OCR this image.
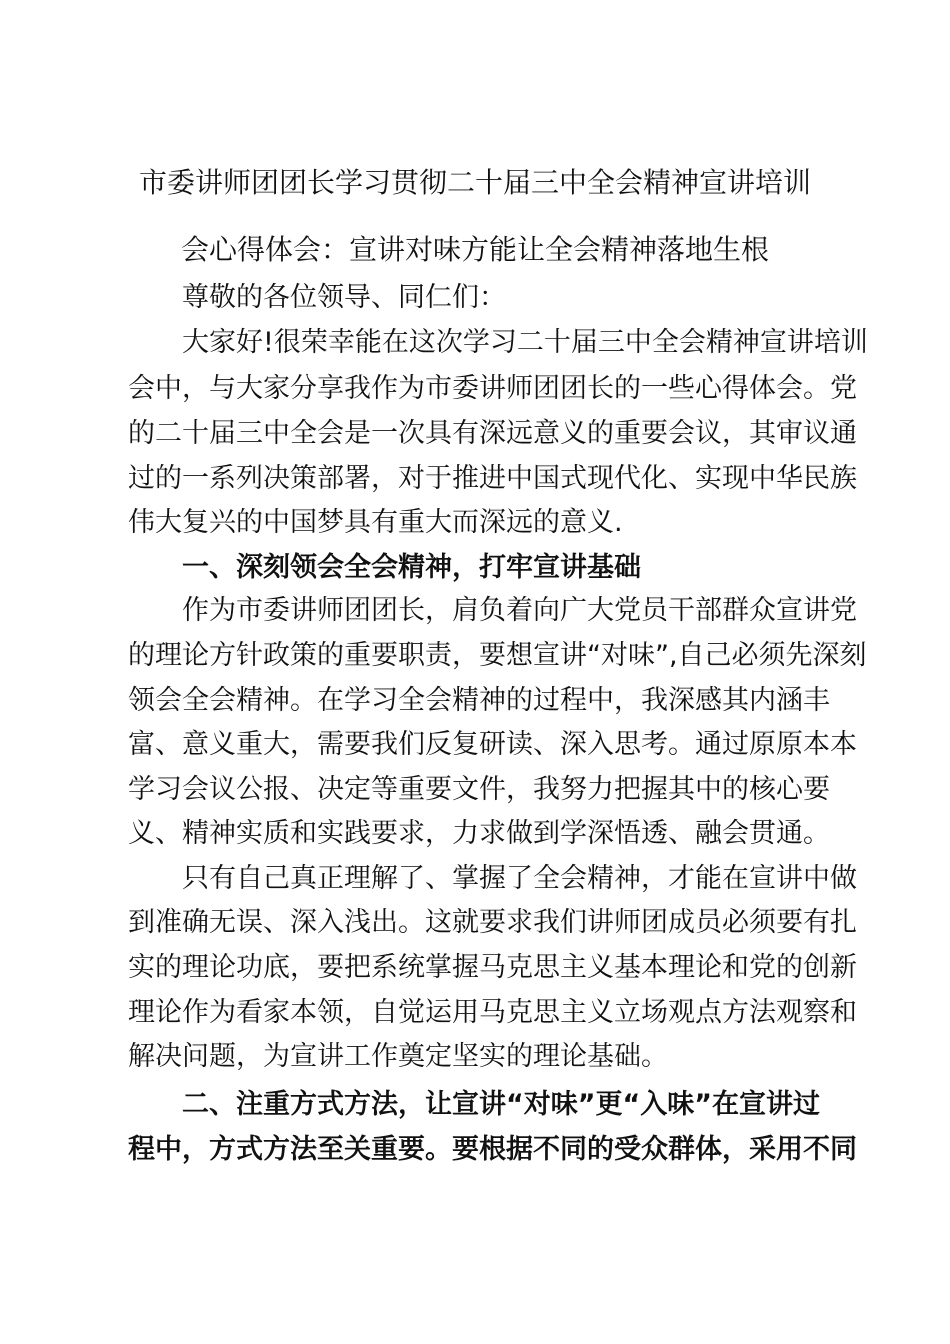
市委讲师团团长学习贯彻二十届三中全会精神宣讲培训
会心得体会：宣讲对味方能让全会精神落地生根
尊敬的各位领导、同仁们：
大家好!很荣幸能在这次学习二十届三中全会精神宣讲培训
会中，与大家分享我作为市委讲师团团长的一些心得体会。党
的二十届三中全会是一次具有深远意义的重要会议，其审议通
过的一系列决策部署，对于推进中国式现代化、实现中华民族
伟大复兴的中国梦具有重大而深远的意义.
一、深刻领会全会精神，打牢宣讲基础
作为市委讲师团团长，肩负着向广大党员干部群众宣讲党
的理论方针政策的重要职责，要想宣讲“对味”,自己必须先深刻
领会全会精神。在学习全会精神的过程中，我深感其内涵丰
富、意义重大，需要我们反复研读、深入思考。通过原原本本
学习会议公报、决定等重要文件，我努力把握其中的核心要
义、精神实质和实践要求，力求做到学深悟透、融会贯通。
只有自己真正理解了、掌握了全会精神，才能在宣讲中做
到准确无误、深入浅出。这就要求我们讲师团成员必须要有扎
实的理论功底，要把系统掌握马克思主义基本理论和党的创新
理论作为看家本领，自觉运用马克思主义立场观点方法观察和
解决问题，为宣讲工作奠定坚实的理论基础。
二、注重方式方法，让宣讲“对味”更“入味”在宣讲过
程中，方式方法至关重要。要根据不同的受众群体，采用不同
